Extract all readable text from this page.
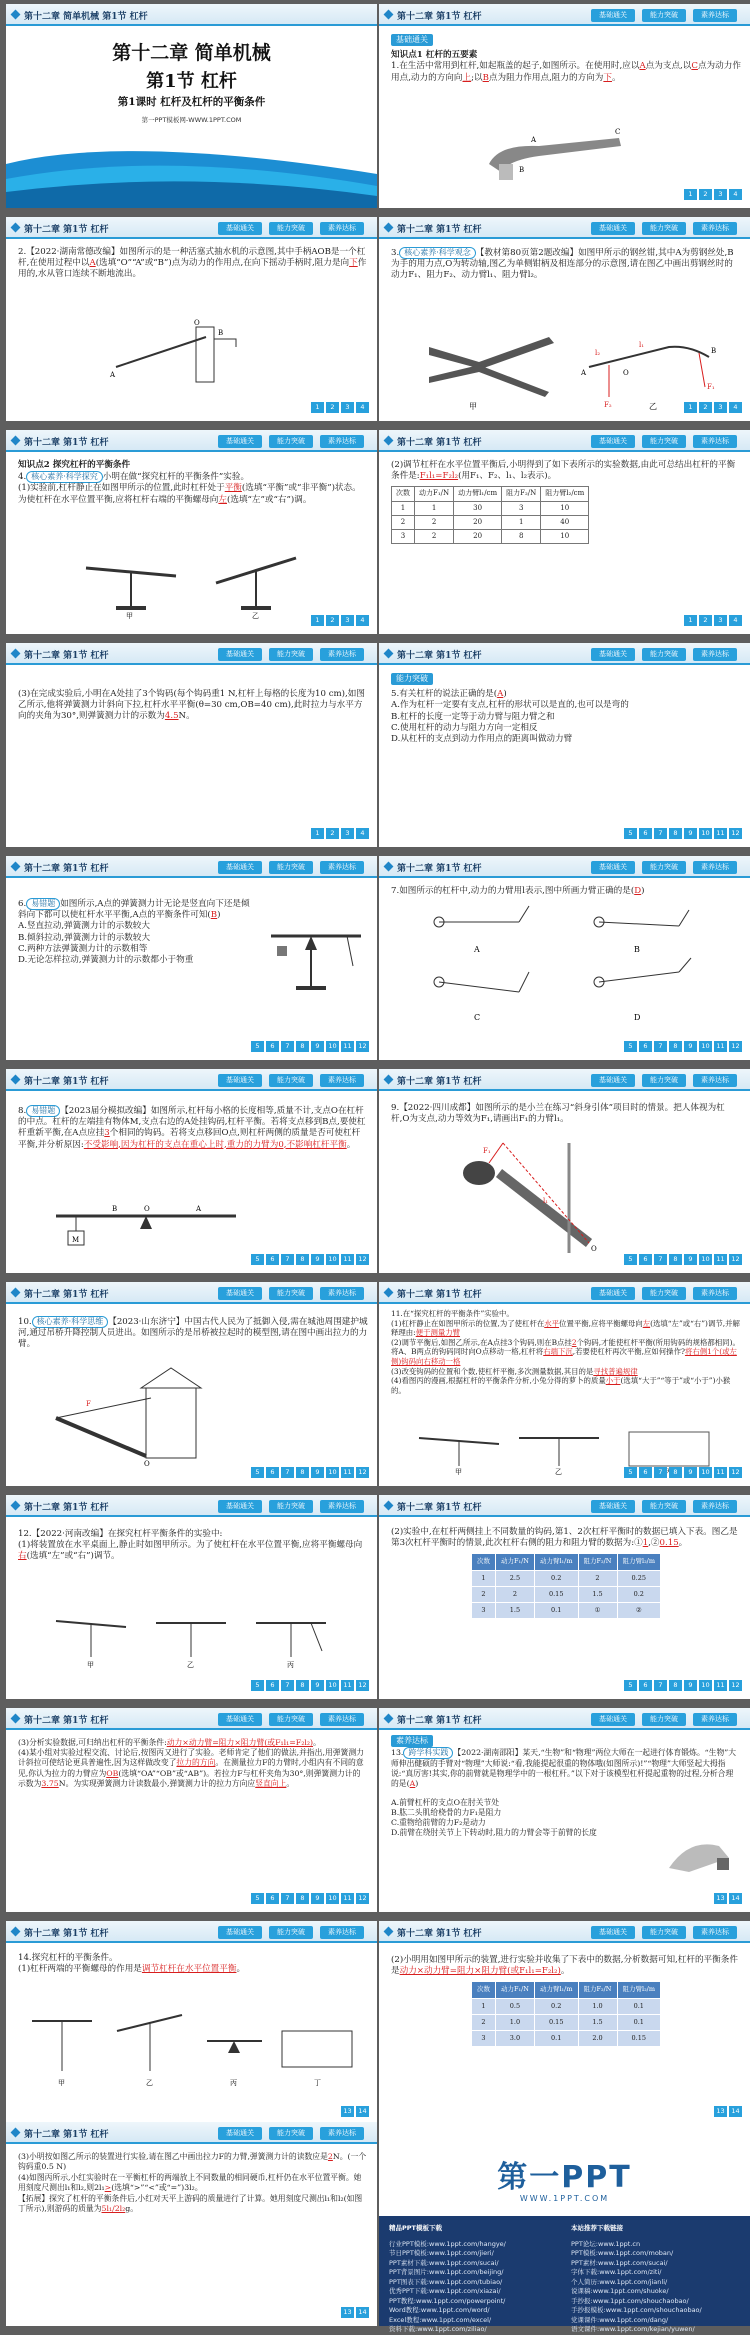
第十二章 简单机械 第1节 杠杆
第十二章 简单机械
第1节 杠杆
第1课时 杠杆及杠杆的平衡条件
第一PPT模板网-WWW.1PPT.COM
第十二章 第1节 杠杆	基础通关	能力突破	素养达标
基础通关

知识点1 杠杆的五要素

1.在生活中常用到杠杆,如起瓶盖的起子,如图所示。在使用时,应以A点为支点,以C点为动力作用点,动力的方向向上;以B点为阻力作用点,阻力的方向为下。

A
C
B
1	2	3	4
第十二章 第1节 杠杆	基础通关	能力突破	素养达标

2.【2022·湖南常德改编】如图所示的是一种活塞式抽水机的示意图,其中手柄AOB是一个杠杆,在使用过程中以A(选填“O”“A”或“B”)点为动力的作用点,在向下摇动手柄时,阻力是向下作用的,水从管口连续不断地流出。

A
O
B
1	2	3	4
第十二章 第1节 杠杆	基础通关	能力突破	素养达标

3. 核心素养·科学观念 【教材第80页第2题改编】如图甲所示的钢丝钳,其中A为剪钢丝处,B为手的用力点,O为转动轴,图乙为单侧钳柄及相连部分的示意图,请在图乙中画出剪钢丝时的动力F₁、阻力F₂、动力臂l₁、阻力臂l₂。

甲	F₂
F₁
l₁
l₂
O
A
B
乙	1	2	3	4
第十二章 第1节 杠杆	基础通关	能力突破	素养达标

知识点2 探究杠杆的平衡条件

4. 核心素养·科学探究 小明在做“探究杠杆的平衡条件”实验。

(1)实验前,杠杆静止在如图甲所示的位置,此时杠杆处于平衡(选填“平衡”或“非平衡”)状态。为使杠杆在水平位置平衡,应将杠杆右端的平衡螺母向左(选填“左”或“右”)调。

甲	乙	1	2	3	4
第十二章 第1节 杠杆	基础通关	能力突破	素养达标

(2)调节杠杆在水平位置平衡后,小明得到了如下表所示的实验数据,由此可总结出杠杆的平衡条件是:F₁l₁=F₂l₂(用F₁、F₂、l₁、l₂表示)。

次数	动力F₁/N	动力臂l₁/cm	阻力F₂/N	阻力臂l₂/cm
1	1	30	3	10
2	2	20	1	40
3	2	20	8	10
1	2	3	4
第十二章 第1节 杠杆	基础通关	能力突破	素养达标

(3)在完成实验后,小明在A处挂了3个钩码(每个钩码重1 N,杠杆上每格的长度为10 cm),如图乙所示,他将弹簧测力计斜向下拉,杠杆水平平衡(θ=30 cm,OB=40 cm),此时拉力与水平方向的夹角为30°,则弹簧测力计的示数为4.5N。

1	2	3	4
第十二章 第1节 杠杆	基础通关	能力突破	素养达标
能力突破

5.有关杠杆的说法正确的是(A)

A.作为杠杆一定要有支点,杠杆的形状可以是直的,也可以是弯的

B.杠杆的长度一定等于动力臂与阻力臂之和

C.使用杠杆的动力与阻力方向一定相反

D.从杠杆的支点到动力作用点的距离叫做动力臂

5	6	7	8	9	10	11	12
第十二章 第1节 杠杆	基础通关	能力突破	素养达标

6. 易错题 如图所示,A点的弹簧测力计无论是竖直向下还是倾斜向下都可以使杠杆水平平衡,A点的平衡条件可知(B)

A.竖直拉动,弹簧测力计的示数较大

B.倾斜拉动,弹簧测力计的示数较大

C.两种方法弹簧测力计的示数相等

D.无论怎样拉动,弹簧测力计的示数都小于物重

5	6	7	8	9	10	11	12
第十二章 第1节 杠杆	基础通关	能力突破	素养达标

7.如图所示的杠杆中,动力的力臂用l表示,图中所画力臂正确的是(D)

A	B
C	D
5	6	7	8	9	10	11	12
第十二章 第1节 杠杆	基础通关	能力突破	素养达标

8. 易错题 【2023届分模拟改编】如图所示,杠杆每小格的长度相等,质量不计,支点O在杠杆的中点。杠杆的左端挂有物体M,支点右边的A处挂钩码,杠杆平衡。若将支点移到B点,要使杠杆重新平衡,在A点应挂3个相同的钩码。若将支点移回O点,则杠杆两侧的质量是否可使杠杆平衡,并分析原因:不受影响,因为杠杆的支点在重心上时,重力的力臂为0,不影响杠杆平衡。

M
B	O	A
5	6	7	8	9	10	11	12
第十二章 第1节 杠杆	基础通关	能力突破	素养达标

9.【2022·四川成都】如图所示的是小兰在练习“斜身引体”项目时的情景。把人体视为杠杆,O为支点,动力等效为F₁,请画出F₁的力臂l₁。

F₁
l₁
O
5	6	7	8	9	10	11	12
第十二章 第1节 杠杆	基础通关	能力突破	素养达标

10. 核心素养·科学思维 【2023·山东济宁】中国古代人民为了抵御入侵,需在城池周围建护城河,通过吊桥升降控制人员进出。如图所示的是吊桥被拉起时的模型图,请在图中画出拉力的力臂。

F
O
5	6	7	8	9	10	11	12
第十二章 第1节 杠杆	基础通关	能力突破	素养达标

11.在“探究杠杆的平衡条件”实验中。

(1)杠杆静止在如图甲所示的位置,为了使杠杆在水平位置平衡,应将平衡螺母向左(选填“左”或“右”)调节,并解释理由:便于测量力臂

(2)调节平衡后,如图乙所示,在A点挂3个钩码,则在B点挂2个钩码,才能使杠杆平衡(所用钩码的规格都相同)。将A、B两点的钩码同时向O点移动一格,杠杆将右端下沉,若要使杠杆再次平衡,应如何操作?将右侧1个(或左侧)钩码向右移动一格

(3)改变钩码的位置和个数,使杠杆平衡,多次测量数据,其目的是寻找普遍规律

(4)看图丙的漫画,根据杠杆的平衡条件分析,小兔分得的萝卜的质量小于(选填“大于”“等于”或“小于”)小猴的。

甲	乙	5	6	7	8	9	10	11	12
第十二章 第1节 杠杆	基础通关	能力突破	素养达标

12.【2022·河南改编】在探究杠杆平衡条件的实验中:

(1)将装置放在水平桌面上,静止时如图甲所示。为了使杠杆在水平位置平衡,应将平衡螺母向右(选填“左”或“右”)调节。

甲	乙	丙
5	6	7	8	9	10	11	12
第十二章 第1节 杠杆	基础通关	能力突破	素养达标

(2)实验中,在杠杆两侧挂上不同数量的钩码,第1、2次杠杆平衡时的数据已填入下表。图乙是第3次杠杆平衡时的情景,此次杠杆右侧的阻力和阻力臂的数据为:①1,②0.15。

次数	动力F₁/N	动力臂l₁/m	阻力F₂/N	阻力臂l₂/m
1	2.5	0.2	2	0.25
2	2	0.15	1.5	0.2
3	1.5	0.1	①	②
5	6	7	8	9	10	11	12
第十二章 第1节 杠杆	基础通关	能力突破	素养达标

(3)分析实验数据,可归纳出杠杆的平衡条件:动力×动力臂=阻力×阻力臂(或F₁l₁=F₂l₂)。

(4)某小组对实验过程交流、讨论后,按图丙又进行了实验。老师肯定了他们的做法,并指出,用弹簧测力计斜拉可使结论更具普遍性,因为这样做改变了拉力的方向。在测量拉力F的力臂时,小组内有不同的意见,你认为拉力的力臂应为OB(选填“OA”“OB”或“AB”)。若拉力F与杠杆夹角为30°,则弹簧测力计的示数为3.75N。为实现弹簧测力计读数最小,弹簧测力计的拉力方向应竖直向上。

5	6	7	8	9	10	11	12
第十二章 第1节 杠杆	基础通关	能力突破	素养达标
素养达标

13. 跨学科实践 【2022·湖南邵阳】某天,“生物”和“物理”两位大师在一起进行体育锻炼。“生物”大师伸出健硕的手臂对“物理”大师说:“看,我能提起很重的物体哦(如图所示)!”“物理”大师竖起大拇指说:“真厉害!其实,你的前臂就是物理学中的一根杠杆。”以下对于该模型杠杆提起重物的过程,分析合理的是(A)

A.前臂杠杆的支点O在肘关节处

B.肱二头肌给桡骨的力F₁是阻力

C.重物给前臂的力F₂是动力

D.前臂在绕肘关节上下转动时,阻力的力臂会等于前臂的长度

13	14
第十二章 第1节 杠杆	基础通关	能力突破	素养达标

14.探究杠杆的平衡条件。

(1)杠杆两端的平衡螺母的作用是调节杠杆在水平位置平衡。

甲	乙	丙	丁
13	14
第十二章 第1节 杠杆	基础通关	能力突破	素养达标

(2)小明用如图甲所示的装置,进行实验并收集了下表中的数据,分析数据可知,杠杆的平衡条件是动力×动力臂=阻力×阻力臂(或F₁l₁=F₂l₂)。

次数	动力F₁/N	动力臂l₁/m	阻力F₂/N	阻力臂l₂/m
1	0.5	0.2	1.0	0.1
2	1.0	0.15	1.5	0.1
3	3.0	0.1	2.0	0.15
13	14
第十二章 第1节 杠杆	基础通关	能力突破	素养达标

(3)小明按如图乙所示的装置进行实验,请在图乙中画出拉力F的力臂,弹簧测力计的读数应是2N。(一个钩码重0.5 N)

(4)如图丙所示,小红实验时在一平衡杠杆的两端放上不同数量的相同硬币,杠杆仍在水平位置平衡。她用刻度尺测出l₁和l₂,则2l₁>(选填“>”“<”或“=”)3l₂。

【拓展】探究了杠杆的平衡条件后,小红对天平上游码的质量进行了计算。她用刻度尺测出l₁和l₂(如图丁所示),则游码的质量为5l₁/2l₂g。

13	14
第一PPT
WWW.1PPT.COM
精品PPT模板下载
行业PPT模板:www.1ppt.com/hangye/
节日PPT模板:www.1ppt.com/jieri/
PPT素材下载:www.1ppt.com/sucai/
PPT背景图片:www.1ppt.com/beijing/
PPT图表下载:www.1ppt.com/tubiao/
优秀PPT下载:www.1ppt.com/xiazai/
PPT教程:www.1ppt.com/powerpoint/
Word教程:www.1ppt.com/word/
Excel教程:www.1ppt.com/excel/
资料下载:www.1ppt.com/ziliao/
本站推荐下载链接
PPT论坛:www.1ppt.cn
PPT模板:www.1ppt.com/moban/
PPT素材:www.1ppt.com/sucai/
字体下载:www.1ppt.com/ziti/
个人简历:www.1ppt.com/jianli/
说课稿:www.1ppt.com/shuoke/
手抄报:www.1ppt.com/shouchaobao/
手抄报模板:www.1ppt.com/shouchaobao/
党课课件:www.1ppt.com/dang/
语文课件:www.1ppt.com/kejian/yuwen/
